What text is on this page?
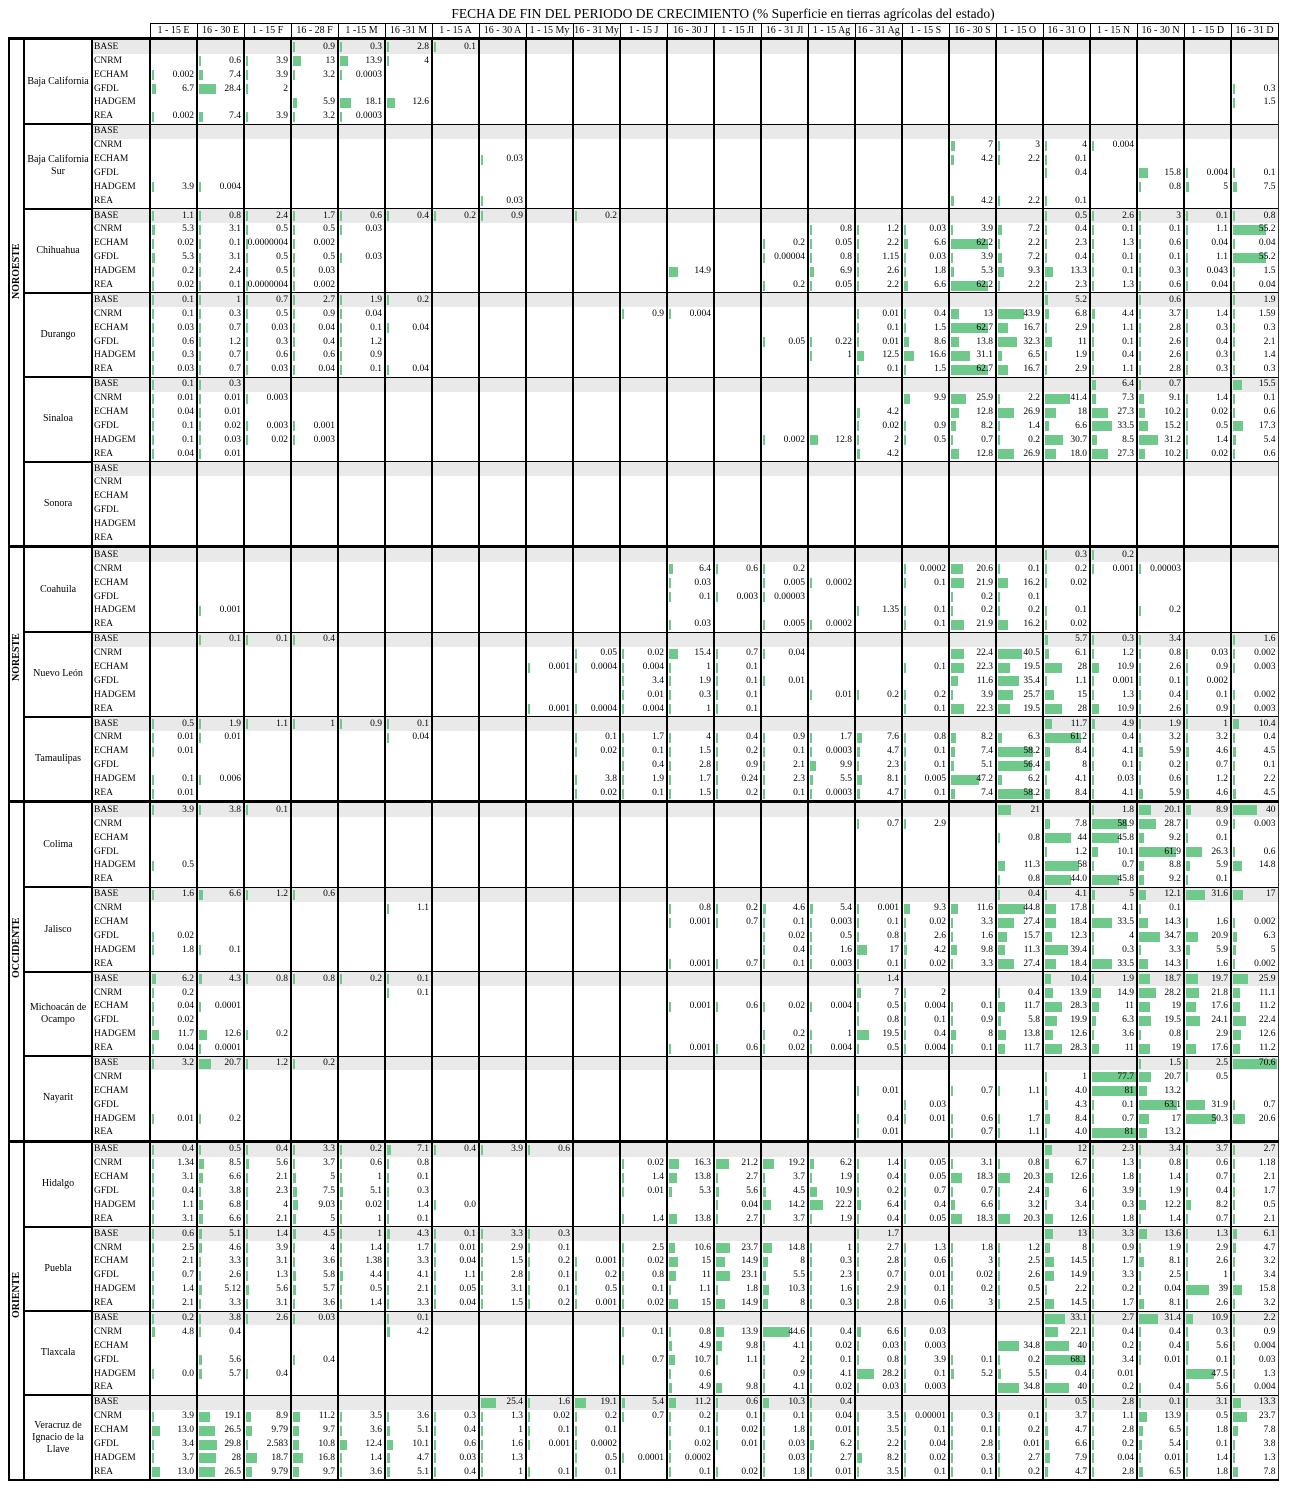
FECHA DE FIN DEL PERIODO DE CRECIMIENTO (% Superficie en tierras agrícolas del estado)
			1 - 15 E	16 - 30 E	1 - 15 F	16 - 28 F	1 -15 M	16 -31 M	1 - 15 A	16 - 30 A	1 - 15 My	16 - 31 My	1 - 15 J	16 - 30 J	1 - 15 Jl	16 - 31 Jl	1 - 15 Ag	16 - 31 Ag	1 - 15 S	16 - 30 S	1 - 15 O	16 - 31 O	1 - 15 N	16 - 30 N	1 - 15 D	16 - 31 D

NOROESTE	Baja California	BASE				0.9	0.3	2.8	0.1																	
		CNRM		0.6	3.9	13	13.9	4																		
		ECHAM	0.002	7.4	3.9	3.2	0.0003																			
		GFDL	6.7	28.4	2																					0.3
		HADGEM				5.9	18.1	12.6																		1.5
		REA	0.002	7.4	3.9	3.2	0.0003																			
	Baja California Sur	BASE																								
		CNRM																		7	3	4	0.004			
		ECHAM								0.03										4.2	2.2	0.1				
		GFDL																				0.4		15.8	0.004	0.1
		HADGEM	3.9	0.004																				0.8	5	7.5
		REA								0.03										4.2	2.2	0.1				
	Chihuahua	BASE	1.1	0.8	2.4	1.7	0.6	0.4	0.2	0.9		0.2										0.5	2.6	3	0.1	0.8
		CNRM	5.3	3.1	0.5	0.5	0.03										0.8	1.2	0.03	3.9	7.2	0.4	0.1	0.1	1.1	55.2
		ECHAM	0.02	0.1	0.0000004	0.002										0.2	0.05	2.2	6.6	62.2	2.2	2.3	1.3	0.6	0.04	0.04
		GFDL	5.3	3.1	0.5	0.5	0.03									0.00004	0.8	1.15	0.03	3.9	7.2	0.4	0.1	0.1	1.1	55.2
		HADGEM	0.2	2.4	0.5	0.03								14.9			6.9	2.6	1.8	5.3	9.3	13.3	0.1	0.3	0.043	1.5
		REA	0.02	0.1	0.0000004	0.002										0.2	0.05	2.2	6.6	62.2	2.2	2.3	1.3	0.6	0.04	0.04
	Durango	BASE	0.1	1	0.7	2.7	1.9	0.2														5.2		0.6		1.9
		CNRM	0.1	0.3	0.5	0.9	0.04						0.9	0.004				0.01	0.4	13	43.9	6.8	4.4	3.7	1.4	1.59
		ECHAM	0.03	0.7	0.03	0.04	0.1	0.04										0.1	1.5	62.7	16.7	2.9	1.1	2.8	0.3	0.3
		GFDL	0.6	1.2	0.3	0.4	1.2									0.05	0.22	0.01	8.6	13.8	32.3	11	0.1	2.6	0.4	2.1
		HADGEM	0.3	0.7	0.6	0.6	0.9										1	12.5	16.6	31.1	6.5	1.9	0.4	2.6	0.3	1.4
		REA	0.03	0.7	0.03	0.04	0.1	0.04										0.1	1.5	62.7	16.7	2.9	1.1	2.8	0.3	0.3
	Sinaloa	BASE	0.1	0.3																			6.4	0.7		15.5
		CNRM	0.01	0.01	0.003														9.9	25.9	2.2	41.4	7.3	9.1	1.4	0.1
		ECHAM	0.04	0.01														4.2		12.8	26.9	18	27.3	10.2	0.02	0.6
		GFDL	0.1	0.02	0.003	0.001												0.02	0.9	8.2	1.4	6.6	33.5	15.2	0.5	17.3
		HADGEM	0.1	0.03	0.02	0.003										0.002	12.8	2	0.5	0.7	0.2	30.7	8.5	31.2	1.4	5.4
		REA	0.04	0.01														4.2		12.8	26.9	18.0	27.3	10.2	0.02	0.6
	Sonora	BASE																								
		CNRM																								
		ECHAM																								
		GFDL																								
		HADGEM																								
		REA																								

NORESTE	Coahuila	BASE																				0.3	0.2			
		CNRM												6.4	0.6	0.2			0.0002	20.6	0.1	0.2	0.001	0.00003		
		ECHAM												0.03		0.005	0.0002		0.1	21.9	16.2	0.02				
		GFDL												0.1	0.003	0.00003				0.2	0.1					
		HADGEM		0.001														1.35	0.1	0.2	0.2	0.1		0.2		
		REA												0.03		0.005	0.0002		0.1	21.9	16.2	0.02				
	Nuevo León	BASE		0.1	0.1	0.4																5.7	0.3	3.4		1.6
		CNRM										0.05	0.02	15.4	0.7	0.04				22.4	40.5	6.1	1.2	0.8	0.03	0.002
		ECHAM									0.001	0.0004	0.004	1	0.1				0.1	22.3	19.5	28	10.9	2.6	0.9	0.003
		GFDL											3.4	1.9	0.1	0.01				11.6	35.4	1.1	0.001	0.1	0.002	
		HADGEM											0.01	0.3	0.1		0.01	0.2	0.2	3.9	25.7	15	1.3	0.4	0.1	0.002
		REA									0.001	0.0004	0.004	1	0.1				0.1	22.3	19.5	28	10.9	2.6	0.9	0.003
	Tamaulipas	BASE	0.5	1.9	1.1	1	0.9	0.1														11.7	4.9	1.9	1	10.4
		CNRM	0.01	0.01				0.04				0.1	1.7	4	0.4	0.9	1.7	7.6	0.8	8.2	6.3	61.2	0.4	3.2	3.2	0.4
		ECHAM	0.01									0.02	0.1	1.5	0.2	0.1	0.0003	4.7	0.1	7.4	58.2	8.4	4.1	5.9	4.6	4.5
		GFDL											0.4	2.8	0.9	2.1	9.9	2.3	0.1	5.1	56.4	8	0.1	0.2	0.7	0.1
		HADGEM	0.1	0.006								3.8	1.9	1.7	0.24	2.3	5.5	8.1	0.005	47.2	6.2	4.1	0.03	0.6	1.2	2.2
		REA	0.01									0.02	0.1	1.5	0.2	0.1	0.0003	4.7	0.1	7.4	58.2	8.4	4.1	5.9	4.6	4.5

OCCIDENTE	Colima	BASE	3.9	3.8	0.1																21		1.8	20.1	8.9	40
		CNRM																0.7	2.9			7.8	58.9	28.7	0.9	0.003
		ECHAM																			0.8	44	45.8	9.2	0.1	
		GFDL																				1.2	10.1	61.9	26.3	0.6
		HADGEM	0.5																		11.3	58	0.7	8.8	5.9	14.8
		REA																			0.8	44.0	45.8	9.2	0.1	
	Jalisco	BASE	1.6	6.6	1.2	0.6															0.4	4.1	5	12.1	31.6	17
		CNRM						1.1						0.8	0.2	4.6	5.4	0.001	9.3	11.6	44.8	17.8	4.1	0.1		
		ECHAM												0.001	0.7	0.1	0.003	0.1	0.02	3.3	27.4	18.4	33.5	14.3	1.6	0.002
		GFDL	0.02													0.02	0.5	0.8	2.6	1.6	15.7	12.3	4	34.7	20.9	6.3
		HADGEM	1.8	0.1												0.4	1.6	17	4.2	9.8	11.3	39.4	0.3	3.3	5.9	5
		REA												0.001	0.7	0.1	0.003	0.1	0.02	3.3	27.4	18.4	33.5	14.3	1.6	0.002
	Michoacán de Ocampo	BASE	6.2	4.3	0.8	0.8	0.2	0.1										1.4				10.4	1.9	18.7	19.7	25.9
		CNRM	0.2					0.1										7	2		0.4	13.9	14.9	28.2	21.8	11.1
		ECHAM	0.04	0.0001										0.001	0.6	0.02	0.004	0.5	0.004	0.1	11.7	28.3	11	19	17.6	11.2
		GFDL	0.02															0.8	0.1	0.9	5.8	19.9	6.3	19.5	24.1	22.4
		HADGEM	11.7	12.6	0.2											0.2	1	19.5	0.4	8	13.8	12.6	3.6	0.8	2.9	12.6
		REA	0.04	0.0001										0.001	0.6	0.02	0.004	0.5	0.004	0.1	11.7	28.3	11	19	17.6	11.2
	Nayarit	BASE	3.2	20.7	1.2	0.2																		1.5	2.5	70.6
		CNRM																				1	77.7	20.7	0.5	
		ECHAM																0.01		0.7	1.1	4.0	81	13.2		
		GFDL																	0.03			4.3	0.1	63.1	31.9	0.7
		HADGEM	0.01	0.2														0.4	0.01	0.6	1.7	8.4	0.7	17	50.3	20.6
		REA																0.01		0.7	1.1	4.0	81	13.2		

ORIENTE	Hidalgo	BASE	0.4	0.5	0.4	3.3	0.2	7.1	0.4	3.9	0.6											12	2.3	3.4	3.7	2.7
		CNRM	1.34	8.5	5.6	3.7	0.6	0.8					0.02	16.3	21.2	19.2	6.2	1.4	0.05	3.1	0.8	6.7	1.3	0.8	0.6	1.18
		ECHAM	3.1	6.6	2.1	5	1	0.1					1.4	13.8	2.7	3.7	1.9	0.4	0.05	18.3	20.3	12.6	1.8	1.4	0.7	2.1
		GFDL	0.4	3.8	2.3	7.5	5.1	0.3					0.01	5.3	5.6	4.5	10.9	0.2	0.7	0.7	2.4	6	3.9	1.9	0.4	1.7
		HADGEM	1.1	6.8	4	9.03	0.02	1.4	0.0						0.04	14.2	22.2	6.4	0.4	6.6	3.2	3.4	0.3	12.2	8.2	0.5
		REA	3.1	6.6	2.1	5	1	0.1					1.4	13.8	2.7	3.7	1.9	0.4	0.05	18.3	20.3	12.6	1.8	1.4	0.7	2.1
	Puebla	BASE	0.6	5.1	1.4	4.5	1	4.3	0.1	3.3	0.3							1.7				13	3.3	13.6	1.3	6.1
		CNRM	2.5	4.6	3.9	4	1.4	1.7	0.01	2.9	0.1		2.5	10.6	23.7	14.8	1	2.7	1.3	1.8	1.2	8	0.9	1.9	2.9	4.7
		ECHAM	2.1	3.3	3.1	3.6	1.38	3.3	0.04	1.5	0.2	0.001	0.02	15	14.9	8	0.3	2.8	0.6	3	2.5	14.5	1.7	8.1	2.6	3.2
		GFDL	0.7	2.6	1.3	5.8	4.4	4.1	1.1	2.8	0.1	0.2	0.8	11	23.1	5.5	2.3	0.7	0.01	0.02	2.6	14.9	3.3	2.5	1	3.4
		HADGEM	1.4	5.12	5.6	5.7	0.5	2.1	0.05	3.1	0.1	0.5	0.1	1.1	1.8	10.3	1.6	2.9	0.1	0.2	0.5	2.2	0.2	0.04	39	15.8
		REA	2.1	3.3	3.1	3.6	1.4	3.3	0.04	1.5	0.2	0.001	0.02	15	14.9	8	0.3	2.8	0.6	3	2.5	14.5	1.7	8.1	2.6	3.2
	Tlaxcala	BASE	0.2	3.8	2.6	0.03		0.1														33.1	2.7	31.4	10.9	2.2
		CNRM	4.8	0.4				4.2					0.1	0.8	13.9	44.6	0.4	6.6	0.03			22.1	0.4	0.4	0.3	0.9
		ECHAM												4.9	9.8	4.1	0.02	0.03	0.003		34.8	40	0.2	0.4	5.6	0.004
		GFDL		5.6		0.4							0.7	10.7	1.1	2	0.1	0.8	3.9	0.1	0.2	68.1	3.4	0.01	0.1	0.03
		HADGEM	0.0	5.7	0.4									0.6		0.9	4.1	28.2	0.1	5.2	5.5	0.4	0.01		47.5	1.3
		REA												4.9	9.8	4.1	0.02	0.03	0.003		34.8	40	0.2	0.4	5.6	0.004
	Veracruz de Ignacio de la Llave	BASE								25.4	1.6	19.1	5.4	11.2	0.6	10.3	0.4					0.5	2.8	0.1	3.1	13.3
		CNRM	3.9	19.1	8.9	11.2	3.5	3.6	0.3	1.3	0.02	0.2	0.7	0.2	0.1	0.1	0.04	3.5	0.00001	0.3	0.1	3.7	1.1	13.9	0.5	23.7
		ECHAM	13.0	26.5	9.79	9.7	3.6	5.1	0.4	1	0.1	0.1		0.1	0.02	1.8	0.01	3.5	0.1	0.1	0.2	4.7	2.8	6.5	1.8	7.8
		GFDL	3.4	29.8	2.583	10.8	12.4	10.1	0.6	1.6	0.001	0.0002		0.02	0.01	0.03	6.2	2.2	0.04	2.8	0.01	6.6	0.2	5.4	0.1	3.8
		HADGEM	3.7	28	18.7	16.8	1.4	4.7	0.03	1.3		0.5	0.0001	0.0002		0.03	2.7	8.2	0.02	0.3	2.7	7.9	0.04	0.01	1.4	1.3
		REA	13.0	26.5	9.79	9.7	3.6	5.1	0.4	1	0.1	0.1		0.1	0.02	1.8	0.01	3.5	0.1	0.1	0.2	4.7	2.8	6.5	1.8	7.8
